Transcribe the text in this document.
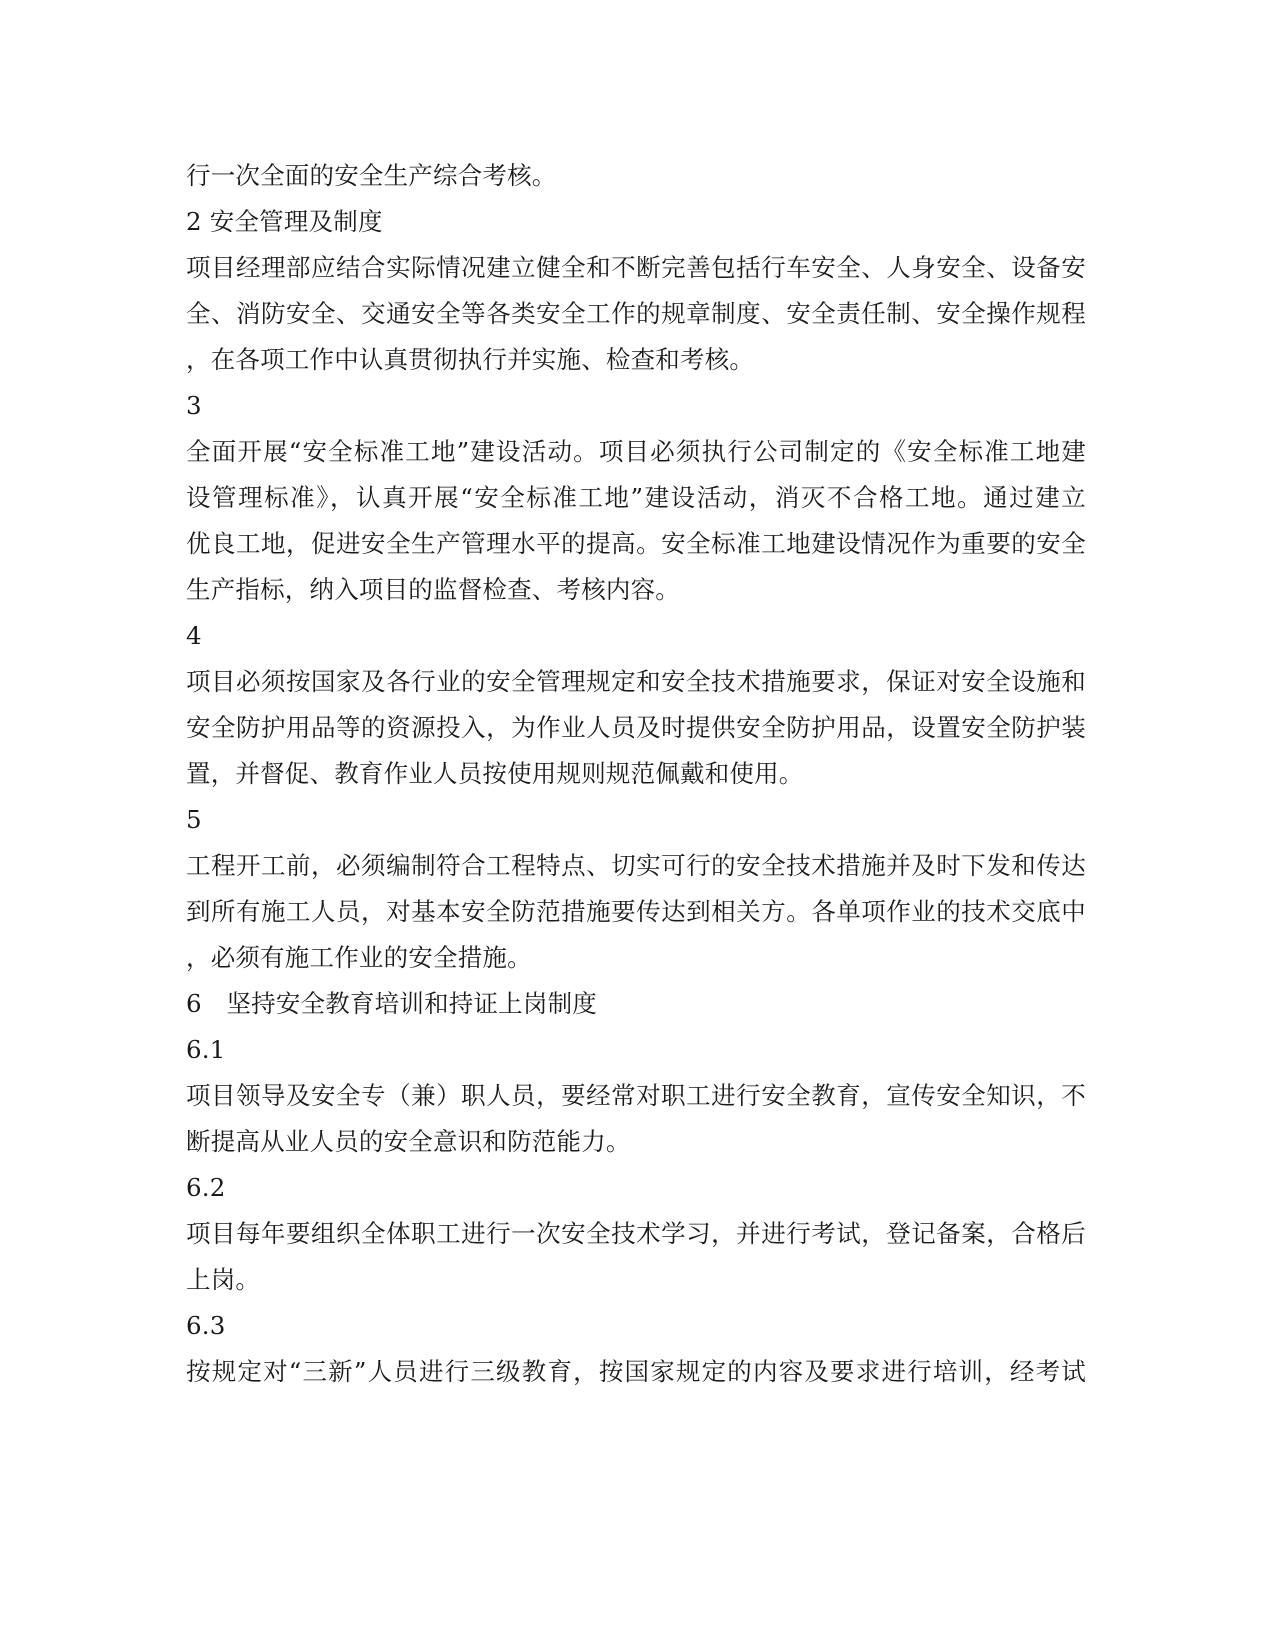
行一次全面的安全生产综合考核。
2 安全管理及制度
项目经理部应结合实际情况建立健全和不断完善包括行车安全、人身安全、设备安
全、消防安全、交通安全等各类安全工作的规章制度、安全责任制、安全操作规程
，在各项工作中认真贯彻执行并实施、检查和考核。
3
全面开展“安全标准工地”建设活动。项目必须执行公司制定的《安全标准工地建
设管理标准》，认真开展“安全标准工地”建设活动，消灭不合格工地。通过建立
优良工地，促进安全生产管理水平的提高。安全标准工地建设情况作为重要的安全
生产指标，纳入项目的监督检查、考核内容。
4
项目必须按国家及各行业的安全管理规定和安全技术措施要求，保证对安全设施和
安全防护用品等的资源投入，为作业人员及时提供安全防护用品，设置安全防护装
置，并督促、教育作业人员按使用规则规范佩戴和使用。
5
工程开工前，必须编制符合工程特点、切实可行的安全技术措施并及时下发和传达
到所有施工人员，对基本安全防范措施要传达到相关方。各单项作业的技术交底中
，必须有施工作业的安全措施。
6　坚持安全教育培训和持证上岗制度
6.1
项目领导及安全专（兼）职人员，要经常对职工进行安全教育，宣传安全知识，不
断提高从业人员的安全意识和防范能力。
6.2
项目每年要组织全体职工进行一次安全技术学习，并进行考试，登记备案，合格后
上岗。
6.3
按规定对“三新”人员进行三级教育，按国家规定的内容及要求进行培训，经考试
